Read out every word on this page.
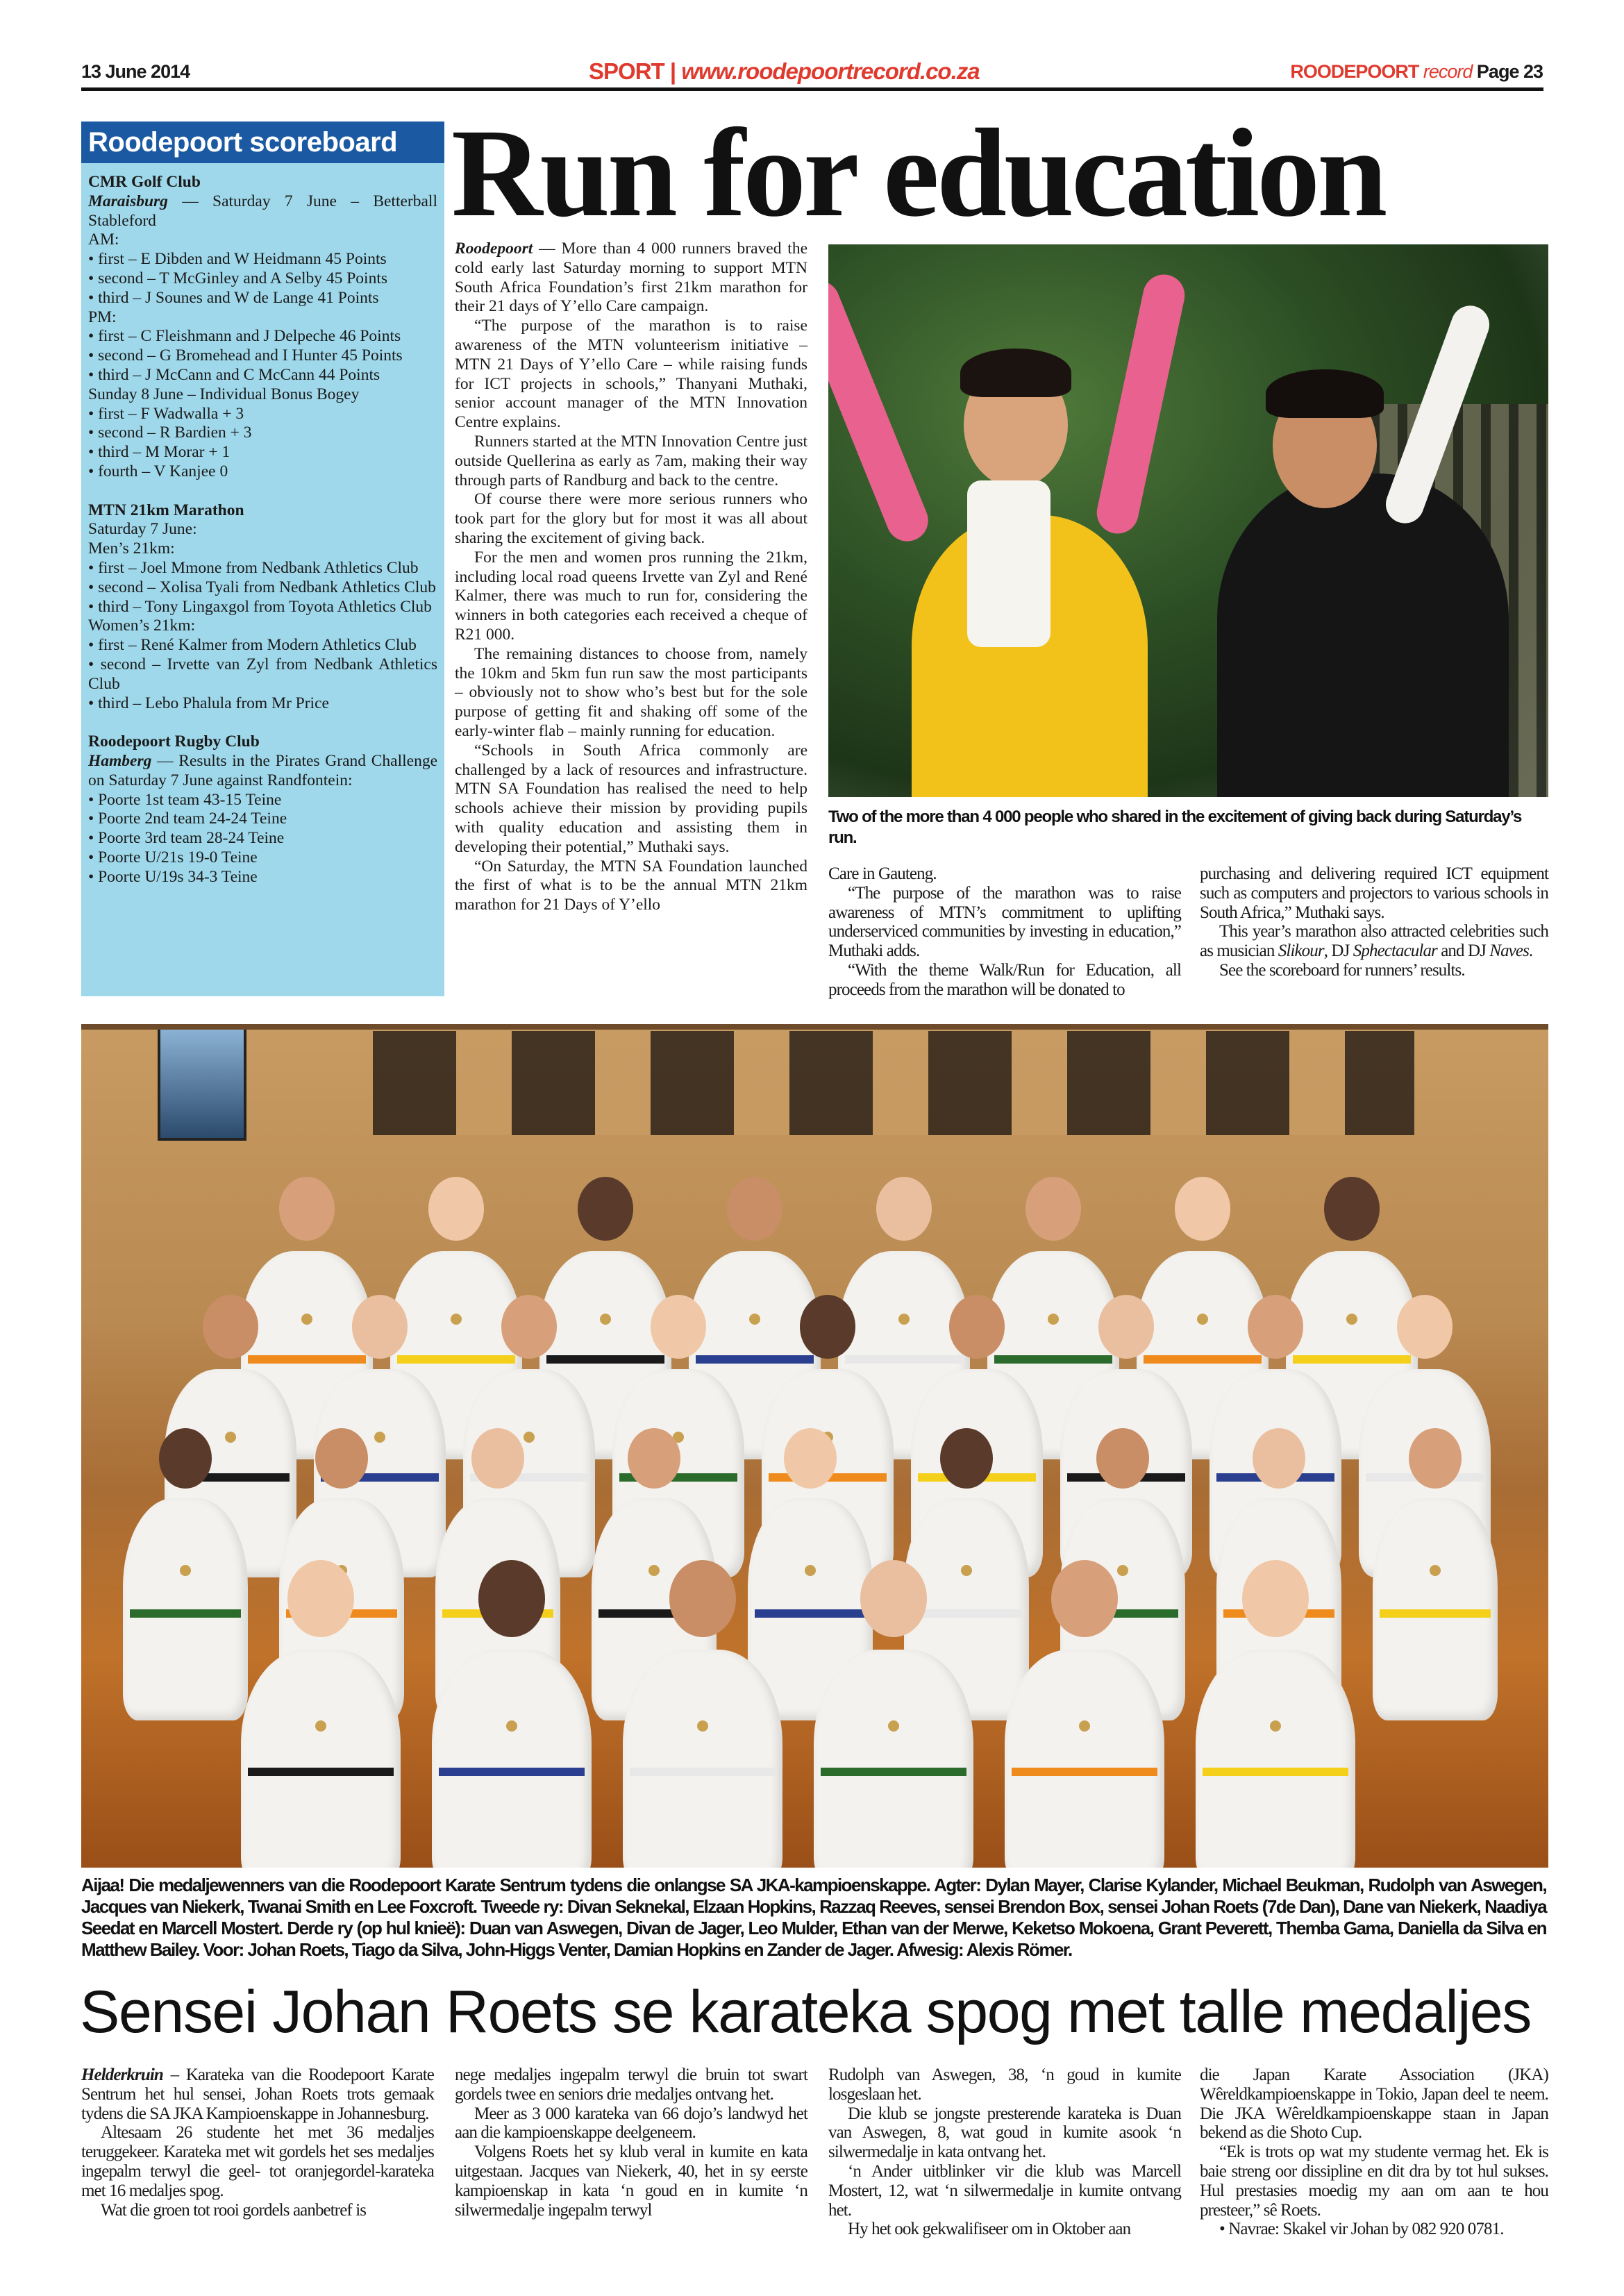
13 June 2014	SPORT | www.roodepoortrecord.co.za	ROODEPOORT record Page 23
Roodepoort scoreboard
CMR Golf Club
Maraisburg — Saturday 7 June – Betterball Stableford
AM:
• first – E Dibden and W Heidmann 45 Points
• second – T McGinley and A Selby 45 Points
• third – J Sounes and W de Lange 41 Points
PM:
• first – C Fleishmann and J Delpeche 46 Points
• second – G Bromehead and I Hunter 45 Points
• third – J McCann and C McCann 44 Points
Sunday 8 June – Individual Bonus Bogey
• first – F Wadwalla + 3
• second – R Bardien + 3
• third – M Morar + 1
• fourth – V Kanjee 0
MTN 21km Marathon
Saturday 7 June:
Men’s 21km:
• first – Joel Mmone from Nedbank Athletics Club
• second – Xolisa Tyali from Nedbank Athletics Club
• third – Tony Lingaxgol from Toyota Athletics Club
Women’s 21km:
• first – René Kalmer from Modern Athletics Club
• second – Irvette van Zyl from Nedbank Athletics Club
• third – Lebo Phalula from Mr Price
Roodepoort Rugby Club
Hamberg — Results in the Pirates Grand Challenge on Saturday 7 June against Randfontein:
• Poorte 1st team 43-15 Teine
• Poorte 2nd team 24-24 Teine
• Poorte 3rd team 28-24 Teine
• Poorte U/21s 19-0 Teine
• Poorte U/19s 34-3 Teine
Run for education

Roodepoort — More than 4 000 runners braved the cold early last Saturday morning to support MTN South Africa Foundation’s first 21km marathon for their 21 days of Y’ello Care campaign.

“The purpose of the marathon is to raise awareness of the MTN volunteerism initiative – MTN 21 Days of Y’ello Care – while raising funds for ICT projects in schools,” Thanyani Muthaki, senior account manager of the MTN Innovation Centre explains.

Runners started at the MTN Innovation Centre just outside Quellerina as early as 7am, making their way through parts of Randburg and back to the centre.

Of course there were more serious runners who took part for the glory but for most it was all about sharing the excitement of giving back.

For the men and women pros running the 21km, including local road queens Irvette van Zyl and René Kalmer, there was much to run for, considering the winners in both categories each received a cheque of R21 000.

The remaining distances to choose from, namely the 10km and 5km fun run saw the most participants – obviously not to show who’s best but for the sole purpose of getting fit and shaking off some of the early-winter flab – mainly running for education.

“Schools in South Africa commonly are challenged by a lack of resources and infrastructure. MTN SA Foundation has realised the need to help schools achieve their mission by providing pupils with quality education and assisting them in developing their potential,” Muthaki says.

“On Saturday, the MTN SA Foundation launched the first of what is to be the annual MTN 21km marathon for 21 Days of Y’ello

Two of the more than 4 000 people who shared in the excitement of giving back during Saturday’s run.

Care in Gauteng.

“The purpose of the marathon was to raise awareness of MTN’s commitment to uplifting underserviced communities by investing in education,” Muthaki adds.

“With the theme Walk/Run for Education, all proceeds from the marathon will be donated to

purchasing and delivering required ICT equipment such as computers and projectors to various schools in South Africa,” Muthaki says.

This year’s marathon also attracted celebrities such as musician Slikour, DJ Sphectacular and DJ Naves.

See the scoreboard for runners’ results.

Aijaa! Die medaljewenners van die Roodepoort Karate Sentrum tydens die onlangse SA JKA-kampioenskappe. Agter: Dylan Mayer, Clarise Kylander, Michael Beukman, Rudolph van Aswegen, Jacques van Niekerk, Twanai Smith en Lee Foxcroft. Tweede ry: Divan Seknekal, Elzaan Hopkins, Razzaq Reeves, sensei Brendon Box, sensei Johan Roets (7de Dan), Dane van Niekerk, Naadiya Seedat en Marcell Mostert. Derde ry (op hul knieë): Duan van Aswegen, Divan de Jager, Leo Mulder, Ethan van der Merwe, Keketso Mokoena, Grant Peverett, Themba Gama, Daniella da Silva en Matthew Bailey. Voor: Johan Roets, Tiago da Silva, John-Higgs Venter, Damian Hopkins en Zander de Jager. Afwesig: Alexis Römer.
Sensei Johan Roets se karateka spog met talle medaljes

Helderkruin – Karateka van die Roodepoort Karate Sentrum het hul sensei, Johan Roets trots gemaak tydens die SA JKA Kampioenskappe in Johannesburg.

Altesaam 26 studente het met 36 medaljes teruggekeer. Karateka met wit gordels het ses medaljes ingepalm terwyl die geel- tot oranjegordel-karateka met 16 medaljes spog.

Wat die groen tot rooi gordels aanbetref is

nege medaljes ingepalm terwyl die bruin tot swart gordels twee en seniors drie medaljes ontvang het.

Meer as 3 000 karateka van 66 dojo’s landwyd het aan die kampioenskappe deelgeneem.

Volgens Roets het sy klub veral in kumite en kata uitgestaan. Jacques van Niekerk, 40, het in sy eerste kampioenskap in kata ‘n goud en in kumite ‘n silwermedalje ingepalm terwyl

Rudolph van Aswegen, 38, ‘n goud in kumite losgeslaan het.

Die klub se jongste presterende karateka is Duan van Aswegen, 8, wat goud in kumite asook ‘n silwermedalje in kata ontvang het.

‘n Ander uitblinker vir die klub was Marcell Mostert, 12, wat ‘n silwermedalje in kumite ontvang het.

Hy het ook gekwalifiseer om in Oktober aan

die Japan Karate Association (JKA) Wêreldkampioenskappe in Tokio, Japan deel te neem. Die JKA Wêreldkampioenskappe staan in Japan bekend as die Shoto Cup.

“Ek is trots op wat my studente vermag het. Ek is baie streng oor dissipline en dit dra by tot hul sukses. Hul prestasies moedig my aan om aan te hou presteer,” sê Roets.

• Navrae: Skakel vir Johan by 082 920 0781.
